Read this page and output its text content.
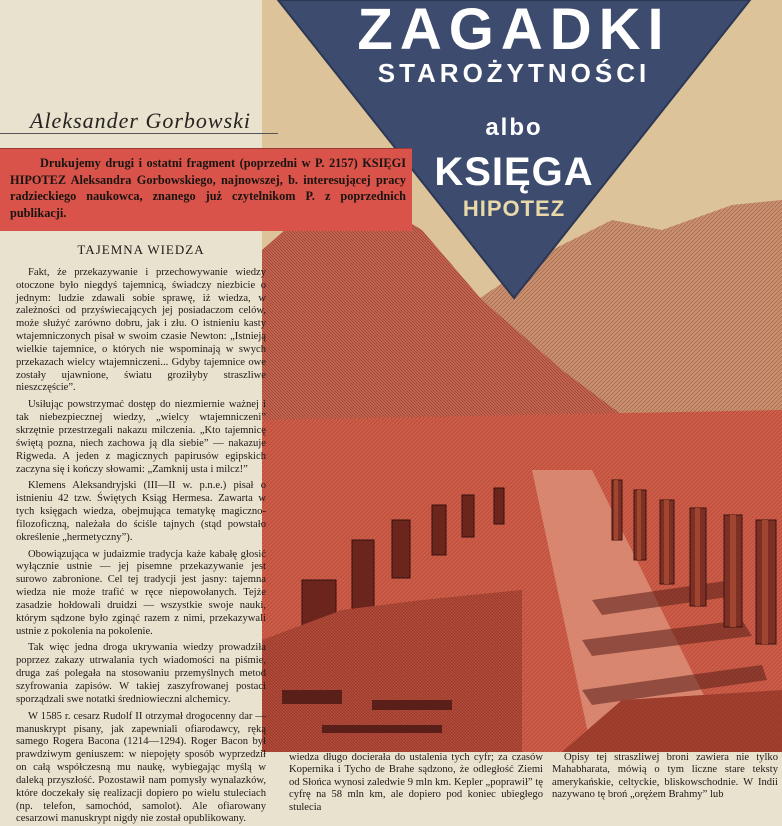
ZAGADKI
STAROŻYTNOŚCI
albo
KSIĘGA
HIPOTEZ
Aleksander Gorbowski

Drukujemy drugi i ostatni fragment (poprzedni w P. 2157) KSIĘGI HIPOTEZ Aleksandra Gorbowskiego, najnowszej, b. interesującej pracy radzieckiego naukowca, znanego już czytelnikom P. z poprzednich publikacji.

TAJEMNA WIEDZA

Fakt, że przekazywanie i przechowywanie wiedzy otoczone było niegdyś tajemnicą, świadczy niezbicie o jednym: ludzie zdawali sobie sprawę, iż wiedza, w zależności od przyświecających jej posiadaczom celów, może służyć zarówno dobru, jak i złu. O istnieniu kasty wtajemniczonych pisał w swoim czasie Newton: „Istnieją wielkie tajemnice, o których nie wspominają w swych przekazach wielcy wtajemniczeni... Gdyby tajemnice owe zostały ujawnione, światu groziłyby straszliwe nieszczęście”.

Usiłując powstrzymać dostęp do niezmiernie ważnej i tak niebezpiecznej wiedzy, „wielcy wtajemniczeni” skrzętnie przestrzegali nakazu milczenia. „Kto tajemnicę świętą pozna, niech zachowa ją dla siebie” — nakazuje Rigweda. A jeden z magicznych papirusów egipskich zaczyna się i kończy słowami: „Zamknij usta i milcz!”

Klemens Aleksandryjski (III—II w. p.n.e.) pisał o istnieniu 42 tzw. Świętych Ksiąg Hermesa. Zawarta w tych księgach wiedza, obejmująca tematykę magiczno-filozoficzną, należała do ściśle tajnych (stąd powstało określenie „hermetyczny”).

Obowiązująca w judaizmie tradycja każe kabałę głosić wyłącznie ustnie — jej pisemne przekazywanie jest surowo zabronione. Cel tej tradycji jest jasny: tajemna wiedza nie może trafić w ręce niepowołanych. Tejże zasadzie hołdowali druidzi — wszystkie swoje nauki, którym sądzone było zginąć razem z nimi, przekazywali ustnie z pokolenia na pokolenie.

Tak więc jedna droga ukrywania wiedzy prowadziła poprzez zakazy utrwalania tych wiadomości na piśmie, druga zaś polegała na stosowaniu przemyślnych metod szyfrowania zapisów. W takiej zaszyfrowanej postaci sporządzali swe notatki średniowieczni alchemicy.

W 1585 r. cesarz Rudolf II otrzymał drogocenny dar — manuskrypt pisany, jak zapewniali ofiarodawcy, ręką samego Rogera Bacona (1214—1294). Roger Bacon był prawdziwym geniuszem: w niepojęty sposób wyprzedził on całą współczesną mu naukę, wybiegając myślą w daleką przyszłość. Pozostawił nam pomysły wynalazków, które doczekały się realizacji dopiero po wielu stuleciach (np. telefon, samochód, samolot). Ale ofiarowany cesarzowi manuskrypt nigdy nie został opublikowany.

wiedza długo docierała do ustalenia tych cyfr; za czasów Kopernika i Tycho de Brahe sądzono, że odległość Ziemi od Słońca wynosi zaledwie 9 mln km. Kepler „poprawił” tę cyfrę na 58 mln km, ale dopiero pod koniec ubiegłego stulecia

Opisy tej straszliwej broni zawiera nie tylko Mahabharata, mówią o tym liczne stare teksty amerykańskie, celtyckie, bliskowschodnie. W Indii nazywano tę broń „orężem Brahmy” lub
